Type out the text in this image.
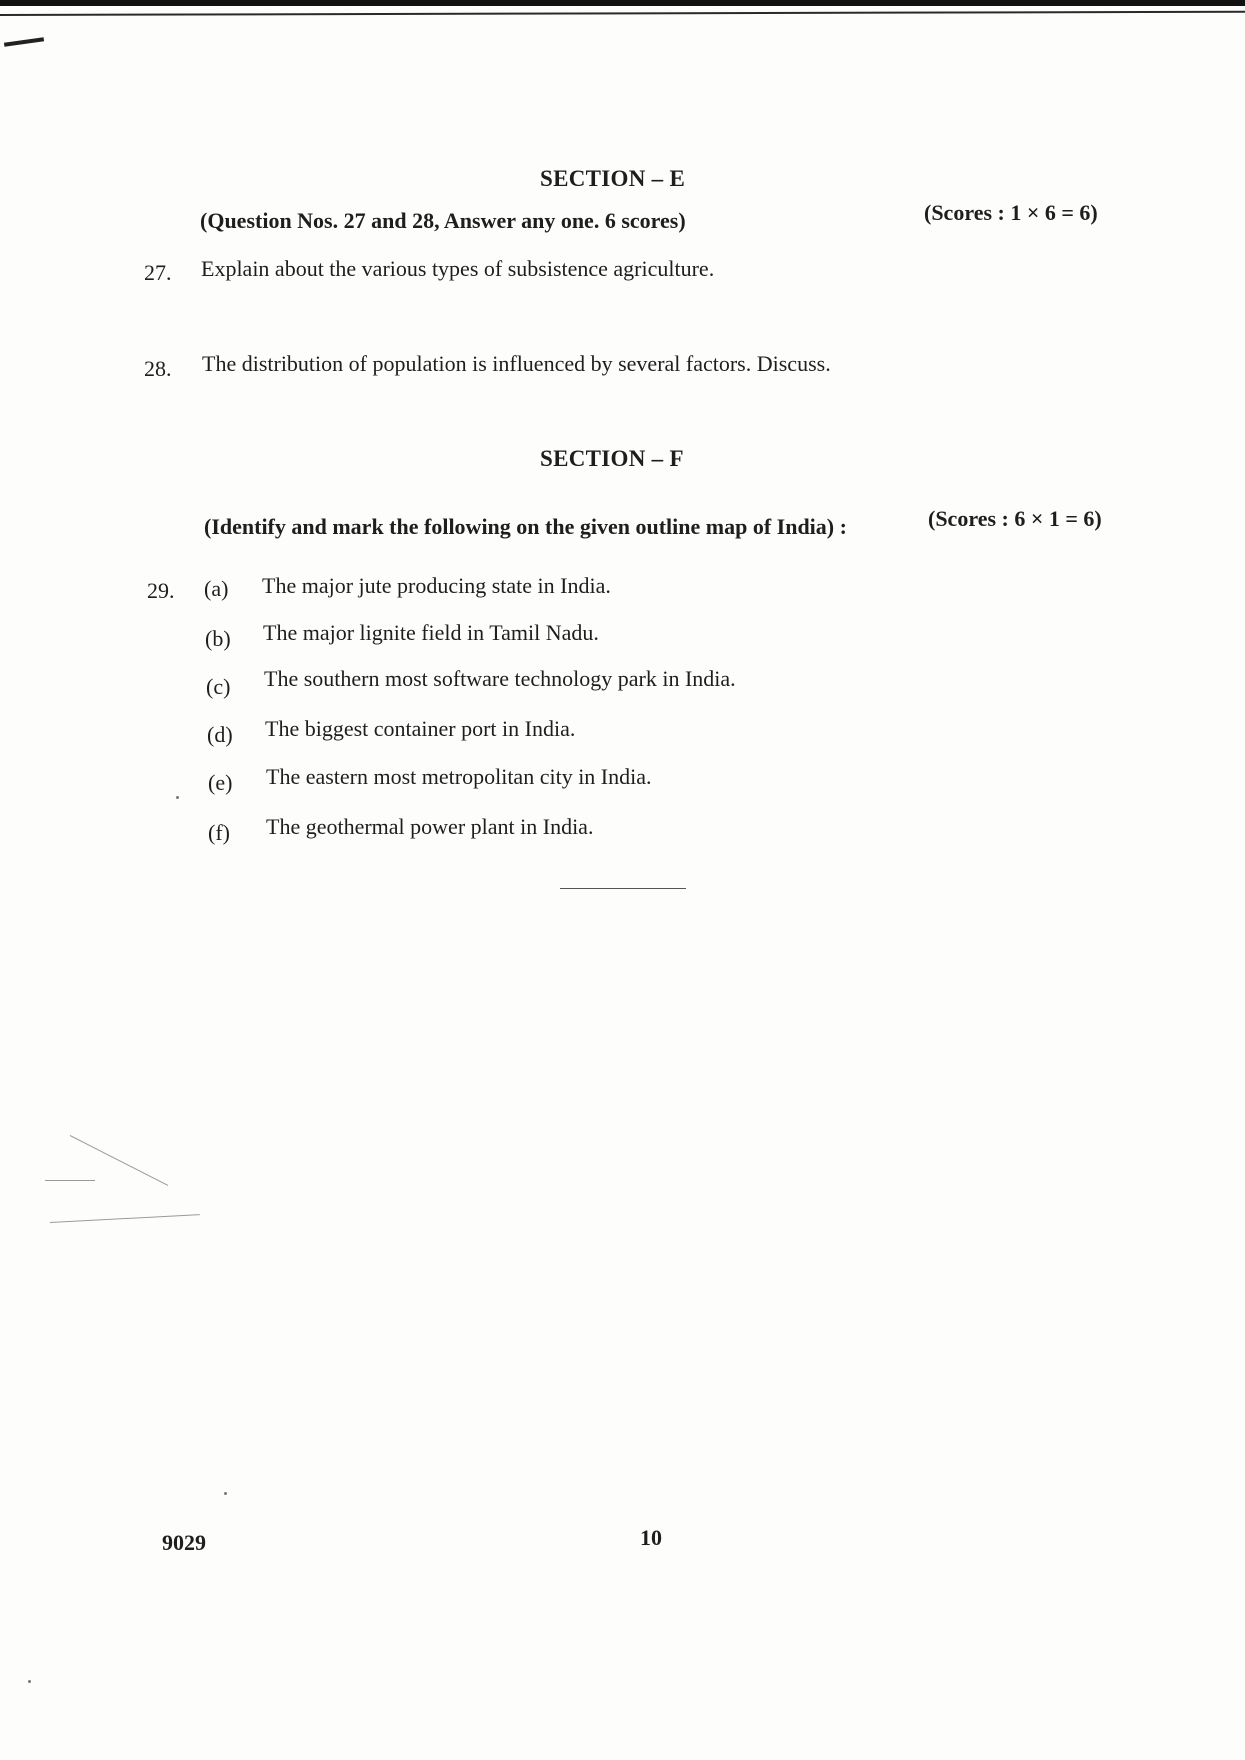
SECTION – E
(Question Nos. 27 and 28, Answer any one. 6 scores)	(Scores : 1 × 6 = 6)
27. Explain about the various types of subsistence agriculture.
28. The distribution of population is influenced by several factors. Discuss.
SECTION – F
(Identify and mark the following on the given outline map of India) :	(Scores : 6 × 1 = 6)
29. (a) The major jute producing state in India.
(b) The major lignite field in Tamil Nadu.
(c) The southern most software technology park in India.
(d) The biggest container port in India.
(e) The eastern most metropolitan city in India.
(f) The geothermal power plant in India.
9029	10
